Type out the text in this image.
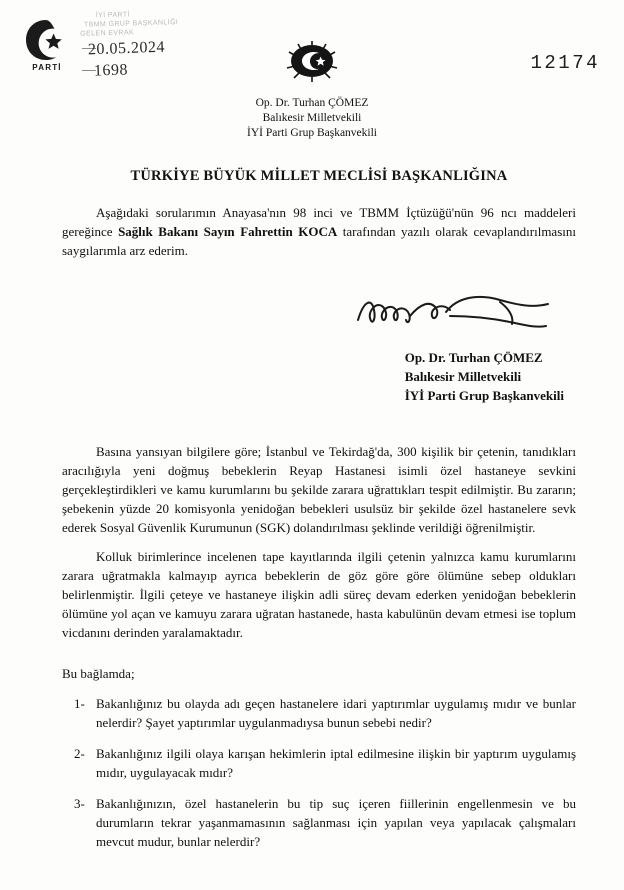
PARTİ
İYİ PARTİ
TBMM GRUP BAŞKANLIĞI
GELEN EVRAK
20.05.2024
1698	12174
Op. Dr. Turhan ÇÖMEZ
Balıkesir Milletvekili
İYİ Parti Grup Başkanvekili
TÜRKİYE BÜYÜK MİLLET MECLİSİ BAŞKANLIĞINA

Aşağıdaki sorularımın Anayasa'nın 98 inci ve TBMM İçtüzüğü'nün 96 ncı maddeleri gereğince Sağlık Bakanı Sayın Fahrettin KOCA tarafından yazılı olarak cevaplandırılmasını saygılarımla arz ederim.

Op. Dr. Turhan ÇÖMEZ
Balıkesir Milletvekili
İYİ Parti Grup Başkanvekili

Basına yansıyan bilgilere göre; İstanbul ve Tekirdağ'da, 300 kişilik bir çetenin, tanıdıkları aracılığıyla yeni doğmuş bebeklerin Reyap Hastanesi isimli özel hastaneye sevkini gerçekleştirdikleri ve kamu kurumlarını bu şekilde zarara uğrattıkları tespit edilmiştir. Bu zararın; şebekenin yüzde 20 komisyonla yenidoğan bebekleri usulsüz bir şekilde özel hastanelere sevk ederek Sosyal Güvenlik Kurumunun (SGK) dolandırılması şeklinde verildiği öğrenilmiştir.

Kolluk birimlerince incelenen tape kayıtlarında ilgili çetenin yalnızca kamu kurumlarını zarara uğratmakla kalmayıp ayrıca bebeklerin de göz göre göre ölümüne sebep oldukları belirlenmiştir. İlgili çeteye ve hastaneye ilişkin adli süreç devam ederken yenidoğan bebeklerin ölümüne yol açan ve kamuyu zarara uğratan hastanede, hasta kabulünün devam etmesi ise toplum vicdanını derinden yaralamaktadır.

Bu bağlamda;
1- Bakanlığınız bu olayda adı geçen hastanelere idari yaptırımlar uygulamış mıdır ve bunlar nelerdir? Şayet yaptırımlar uygulanmadıysa bunun sebebi nedir?
2- Bakanlığınız ilgili olaya karışan hekimlerin iptal edilmesine ilişkin bir yaptırım uygulamış mıdır, uygulayacak mıdır?
3- Bakanlığınızın, özel hastanelerin bu tip suç içeren fiillerinin engellenmesin ve bu durumların tekrar yaşanmamasının sağlanması için yapılan veya yapılacak çalışmaları mevcut mudur, bunlar nelerdir?
